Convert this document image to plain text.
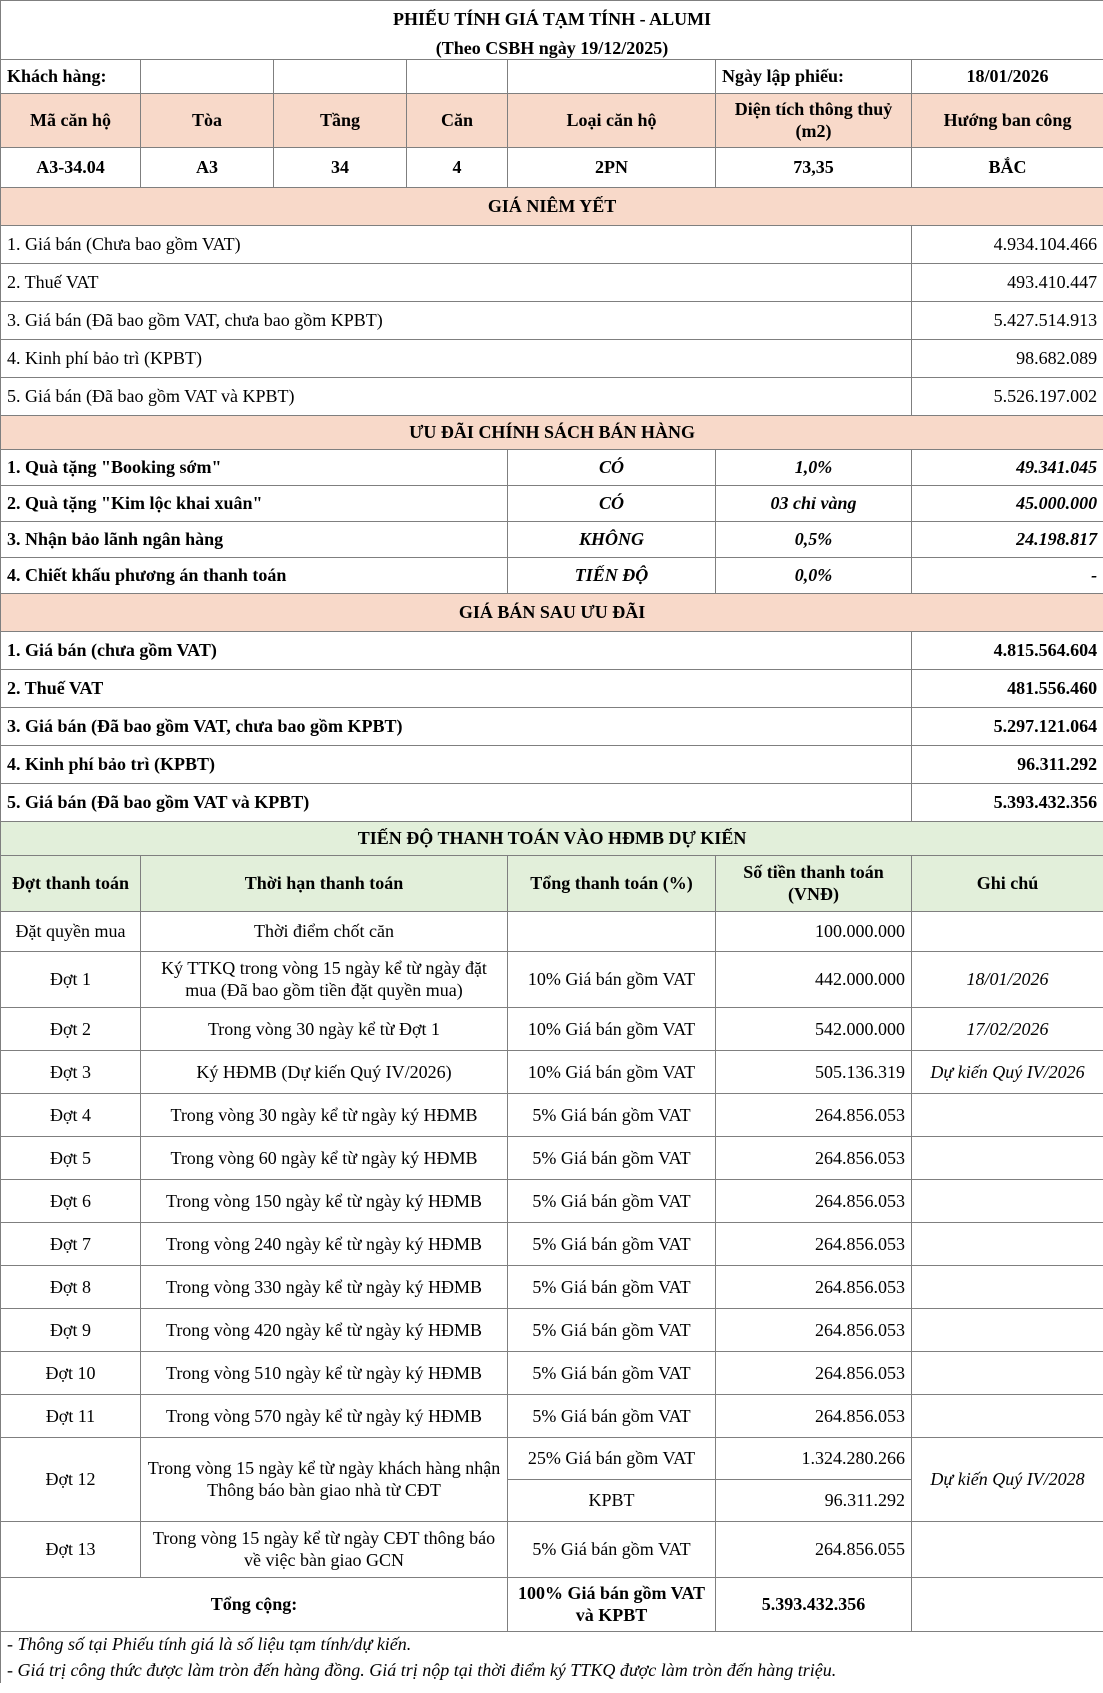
PHIẾU TÍNH GIÁ TẠM TÍNH - ALUMI						
(Theo CSBH ngày 19/12/2025)						
Khách hàng:					Ngày lập phiếu:	18/01/2026
Mã căn hộ	Tòa	Tầng	Căn	Loại căn hộ	Diện tích thông thuỷ (m2)	Hướng ban công
A3-34.04	A3	34	4	2PN	73,35	BẮC
GIÁ NIÊM YẾT						
1. Giá bán (Chưa bao gồm VAT)						4.934.104.466
2. Thuế VAT						493.410.447
3. Giá bán (Đã bao gồm VAT, chưa bao gồm KPBT)						5.427.514.913
4. Kinh phí bảo trì (KPBT)						98.682.089
5. Giá bán (Đã bao gồm VAT và KPBT)						5.526.197.002
ƯU ĐÃI CHÍNH SÁCH BÁN HÀNG						
1. Quà tặng "Booking sớm"				CÓ	1,0%	49.341.045
2. Quà tặng "Kim lộc khai xuân"				CÓ	03 chỉ vàng	45.000.000
3. Nhận bảo lãnh ngân hàng				KHÔNG	0,5%	24.198.817
4. Chiết khấu phương án thanh toán				TIẾN ĐỘ	0,0%	-
GIÁ BÁN SAU ƯU ĐÃI						
1. Giá bán (chưa gồm VAT)						4.815.564.604
2. Thuế VAT						481.556.460
3. Giá bán (Đã bao gồm VAT, chưa bao gồm KPBT)						5.297.121.064
4. Kinh phí bảo trì (KPBT)						96.311.292
5. Giá bán (Đã bao gồm VAT và KPBT)						5.393.432.356
TIẾN ĐỘ THANH TOÁN VÀO HĐMB DỰ KIẾN						
Đợt thanh toán	Thời hạn thanh toán			Tổng thanh toán (%)	Số tiền thanh toán (VNĐ)	Ghi chú
Đặt quyền mua	Thời điểm chốt căn				100.000.000	
Đợt 1	Ký TTKQ trong vòng 15 ngày kể từ ngày đặt mua (Đã bao gồm tiền đặt quyền mua)			10% Giá bán gồm VAT	442.000.000	18/01/2026
Đợt 2	Trong vòng 30 ngày kể từ Đợt 1			10% Giá bán gồm VAT	542.000.000	17/02/2026
Đợt 3	Ký HĐMB (Dự kiến Quý IV/2026)			10% Giá bán gồm VAT	505.136.319	Dự kiến Quý IV/2026
Đợt 4	Trong vòng 30 ngày kể từ ngày ký HĐMB			5% Giá bán gồm VAT	264.856.053	
Đợt 5	Trong vòng 60 ngày kể từ ngày ký HĐMB			5% Giá bán gồm VAT	264.856.053	
Đợt 6	Trong vòng 150 ngày kể từ ngày ký HĐMB			5% Giá bán gồm VAT	264.856.053	
Đợt 7	Trong vòng 240 ngày kể từ ngày ký HĐMB			5% Giá bán gồm VAT	264.856.053	
Đợt 8	Trong vòng 330 ngày kể từ ngày ký HĐMB			5% Giá bán gồm VAT	264.856.053	
Đợt 9	Trong vòng 420 ngày kể từ ngày ký HĐMB			5% Giá bán gồm VAT	264.856.053	
Đợt 10	Trong vòng 510 ngày kể từ ngày ký HĐMB			5% Giá bán gồm VAT	264.856.053	
Đợt 11	Trong vòng 570 ngày kể từ ngày ký HĐMB			5% Giá bán gồm VAT	264.856.053	
Đợt 12	Trong vòng 15 ngày kể từ ngày khách hàng nhận Thông báo bàn giao nhà từ CĐT			25% Giá bán gồm VAT	1.324.280.266	Dự kiến Quý IV/2028
				KPBT	96.311.292	
Đợt 13	Trong vòng 15 ngày kể từ ngày CĐT thông báo về việc bàn giao GCN			5% Giá bán gồm VAT	264.856.055	
Tổng cộng:				100% Giá bán gồm VAT và KPBT	5.393.432.356	
- Thông số tại Phiếu tính giá là số liệu tạm tính/dự kiến.						
- Giá trị công thức được làm tròn đến hàng đồng. Giá trị nộp tại thời điểm ký TTKQ được làm tròn đến hàng triệu.						
